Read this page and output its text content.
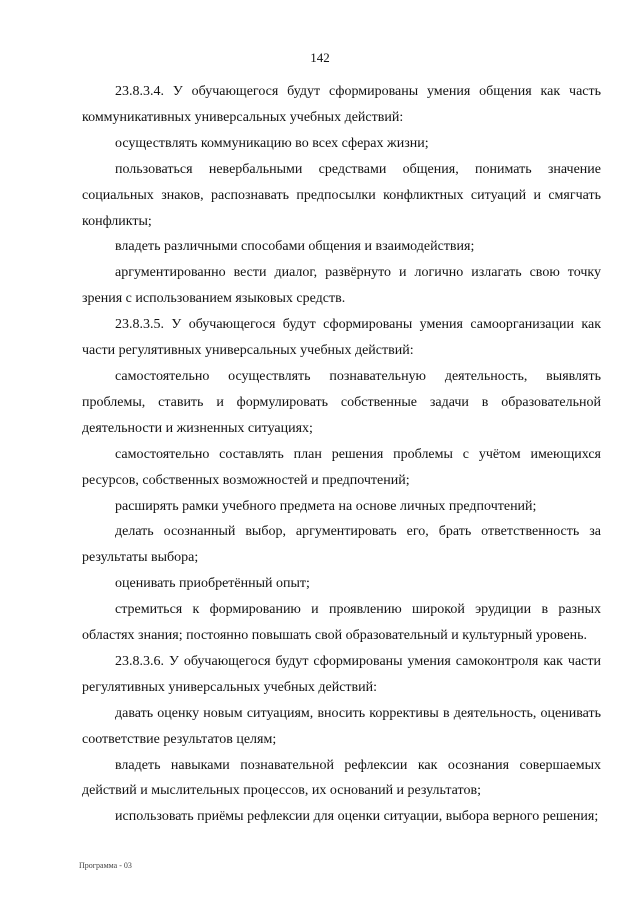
142

23.8.3.4. У обучающегося будут сформированы умения общения как часть коммуникативных универсальных учебных действий:

осуществлять коммуникацию во всех сферах жизни;

пользоваться невербальными средствами общения, понимать значение социальных знаков, распознавать предпосылки конфликтных ситуаций и смягчать конфликты;

владеть различными способами общения и взаимодействия;

аргументированно вести диалог, развёрнуто и логично излагать свою точку зрения с использованием языковых средств.

23.8.3.5. У обучающегося будут сформированы умения самоорганизации как части регулятивных универсальных учебных действий:

самостоятельно осуществлять познавательную деятельность, выявлять проблемы, ставить и формулировать собственные задачи в образовательной деятельности и жизненных ситуациях;

самостоятельно составлять план решения проблемы с учётом имеющихся ресурсов, собственных возможностей и предпочтений;

расширять рамки учебного предмета на основе личных предпочтений;

делать осознанный выбор, аргументировать его, брать ответственность за результаты выбора;

оценивать приобретённый опыт;

стремиться к формированию и проявлению широкой эрудиции в разных областях знания; постоянно повышать свой образовательный и культурный уровень.

23.8.3.6. У обучающегося будут сформированы умения самоконтроля как части регулятивных универсальных учебных действий:

давать оценку новым ситуациям, вносить коррективы в деятельность, оценивать соответствие результатов целям;

владеть навыками познавательной рефлексии как осознания совершаемых действий и мыслительных процессов, их оснований и результатов;

использовать приёмы рефлексии для оценки ситуации, выбора верного решения;

Программа - 03
